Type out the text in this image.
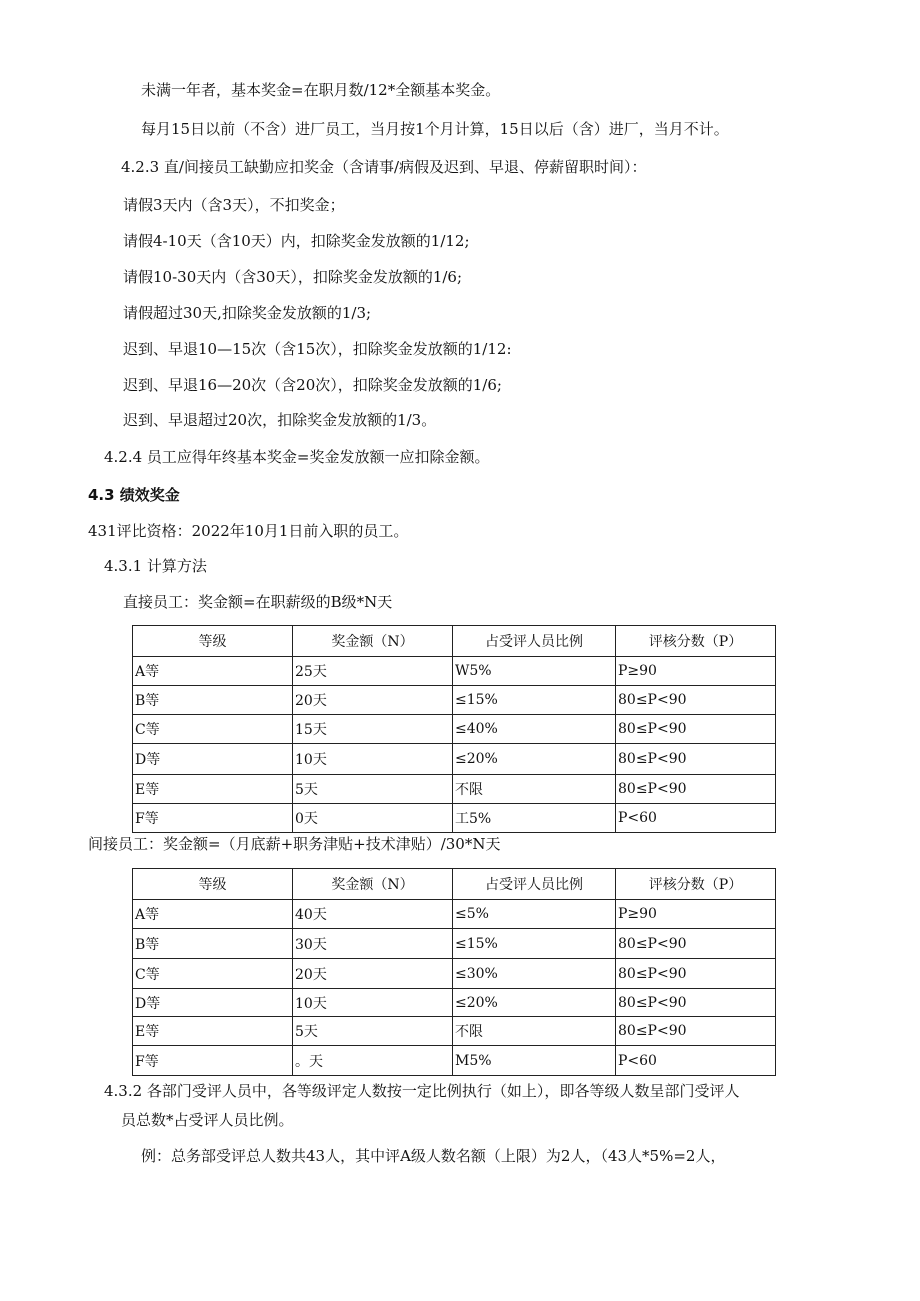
未满一年者，基本奖金=在职月数/12*全额基本奖金。
每月15日以前（不含）进厂员工，当月按1个月计算，15日以后（含）进厂，当月不计。
4.2.3 直/间接员工缺勤应扣奖金（含请事/病假及迟到、早退、停薪留职时间）：
请假3天内（含3天），不扣奖金；
请假4-10天（含10天）内，扣除奖金发放额的1/12;
请假10-30天内（含30天），扣除奖金发放额的1/6;
请假超过30天,扣除奖金发放额的1/3;
迟到、早退10—15次（含15次），扣除奖金发放额的1/12:
迟到、早退16—20次（含20次），扣除奖金发放额的1/6;
迟到、早退超过20次，扣除奖金发放额的1/3。
4.2.4 员工应得年终基本奖金=奖金发放额一应扣除金额。
4.3 绩效奖金
431评比资格：2022年10月1日前入职的员工。
4.3.1 计算方法
直接员工：奖金额=在职薪级的B级*N天
等级	奖金额（N）	占受评人员比例	评核分数（P）
A等	25天	W5%	P≥90
B等	20天	≤15%	80≤P<90
C等	15天	≤40%	80≤P<90
D等	10天	≤20%	80≤P<90
E等	5天	不限	80≤P<90
F等	0天	工5%	P<60
间接员工：奖金额=（月底薪+职务津贴+技术津贴）/30*N天
等级	奖金额（N）	占受评人员比例	评核分数（P）
A等	40天	≤5%	P≥90
B等	30天	≤15%	80≤P<90
C等	20天	≤30%	80≤P<90
D等	10天	≤20%	80≤P<90
E等	5天	不限	80≤P<90
F等	。天	M5%	P<60
4.3.2 各部门受评人员中，各等级评定人数按一定比例执行（如上），即各等级人数呈部门受评人
员总数*占受评人员比例。
例：总务部受评总人数共43人，其中评A级人数名额（上限）为2人，（43人*5%=2人，
